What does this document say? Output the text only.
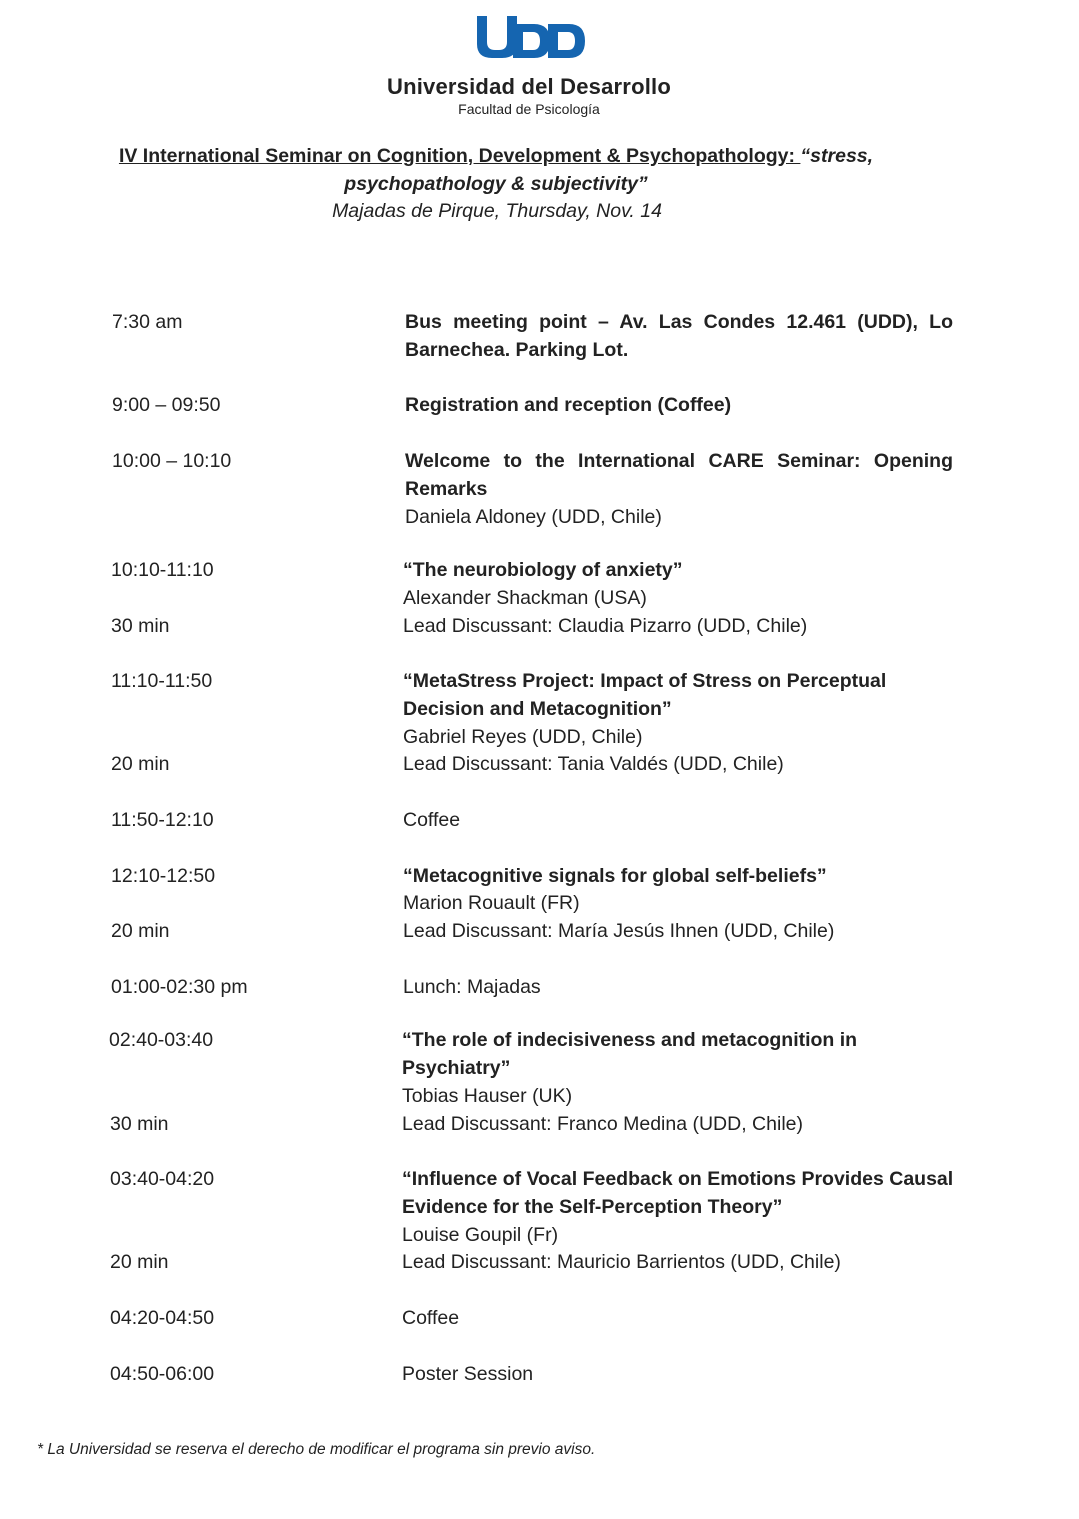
Universidad del Desarrollo
Facultad de Psicología
IV International Seminar on Cognition, Development & Psychopathology: “stress,
psychopathology & subjectivity”
Majadas de Pirque, Thursday, Nov. 14
7:30 am	Bus meeting point – Av. Las Condes 12.461 (UDD), Lo Barnechea. Parking Lot.
9:00 – 09:50	Registration and reception (Coffee)
10:00 – 10:10	Welcome to the International CARE Seminar: Opening Remarks
Daniela Aldoney (UDD, Chile)
10:10-11:10	“The neurobiology of anxiety”
Alexander Shackman (USA)
30 min	Lead Discussant: Claudia Pizarro (UDD, Chile)
11:10-11:50	“MetaStress Project: Impact of Stress on Perceptual Decision and Metacognition”
Gabriel Reyes (UDD, Chile)
20 min	Lead Discussant: Tania Valdés (UDD, Chile)
11:50-12:10	Coffee
12:10-12:50	“Metacognitive signals for global self-beliefs”
Marion Rouault (FR)
20 min	Lead Discussant: María Jesús Ihnen (UDD, Chile)
01:00-02:30 pm	Lunch: Majadas
02:40-03:40	“The role of indecisiveness and metacognition in Psychiatry”
Tobias Hauser (UK)
30 min	Lead Discussant: Franco Medina (UDD, Chile)
03:40-04:20	“Influence of Vocal Feedback on Emotions Provides Causal Evidence for the Self-Perception Theory”
Louise Goupil (Fr)
20 min	Lead Discussant: Mauricio Barrientos (UDD, Chile)
04:20-04:50	Coffee
04:50-06:00	Poster Session
* La Universidad se reserva el derecho de modificar el programa sin previo aviso.
